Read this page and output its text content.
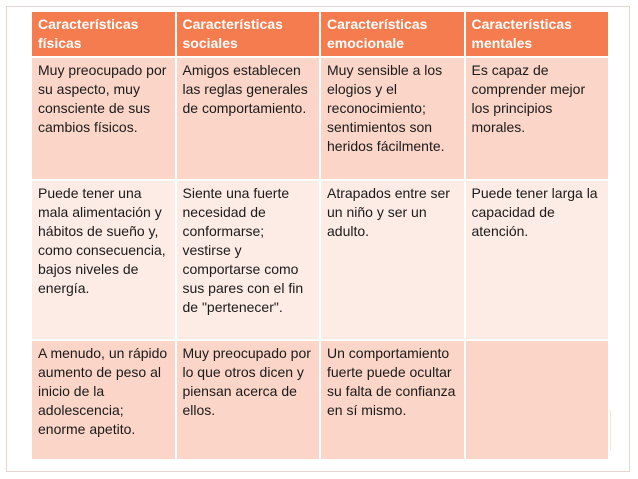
Características físicas	Características sociales	Características emocionale	Características mentales
Muy preocupado por su aspecto, muy consciente de sus cambios físicos.	Amigos establecen las reglas generales de comportamiento.	Muy sensible a los elogios y el reconocimiento; sentimientos son heridos fácilmente.	Es capaz de comprender mejor los principios morales.
Puede tener una mala alimentación y hábitos de sueño y, como consecuencia, bajos niveles de energía.	Siente una fuerte necesidad de conformarse; vestirse y comportarse como sus pares con el fin de "pertenecer".	Atrapados entre ser un niño y ser un adulto.	Puede tener larga la capacidad de atención.
A menudo, un rápido aumento de peso al inicio de la adolescencia; enorme apetito.	Muy preocupado por lo que otros dicen y piensan acerca de ellos.	Un comportamiento fuerte puede ocultar su falta de confianza en sí mismo.	
